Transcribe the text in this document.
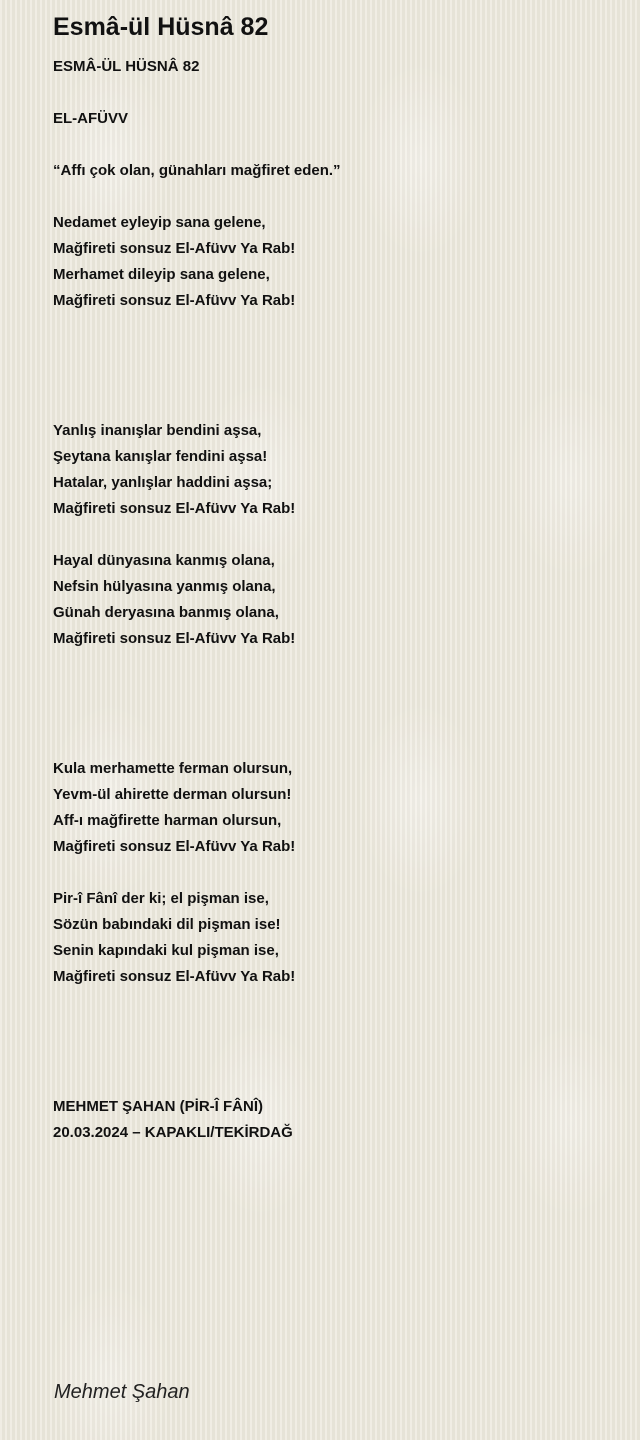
Esmâ-ül Hüsnâ 82
ESMÂ-ÜL HÜSNÂ 82
EL-AFÜVV
“Affı çok olan, günahları mağfiret eden.”
Nedamet eyleyip sana gelene,
Mağfireti sonsuz El-Afüvv Ya Rab!
Merhamet dileyip sana gelene,
Mağfireti sonsuz El-Afüvv Ya Rab!
Yanlış inanışlar bendini aşsa,
Şeytana kanışlar fendini aşsa!
Hatalar, yanlışlar haddini aşsa;
Mağfireti sonsuz El-Afüvv Ya Rab!
Hayal dünyasına kanmış olana,
Nefsin hülyasına yanmış olana,
Günah deryasına banmış olana,
Mağfireti sonsuz El-Afüvv Ya Rab!
Kula merhamette ferman olursun,
Yevm-ül ahirette derman olursun!
Aff-ı mağfirette harman olursun,
Mağfireti sonsuz El-Afüvv Ya Rab!
Pir-î Fânî der ki; el pişman ise,
Sözün babındaki dil pişman ise!
Senin kapındaki kul pişman ise,
Mağfireti sonsuz El-Afüvv Ya Rab!
MEHMET ŞAHAN (PİR-Î FÂNÎ)
20.03.2024 – KAPAKLI/TEKİRDAĞ
Mehmet Şahan
